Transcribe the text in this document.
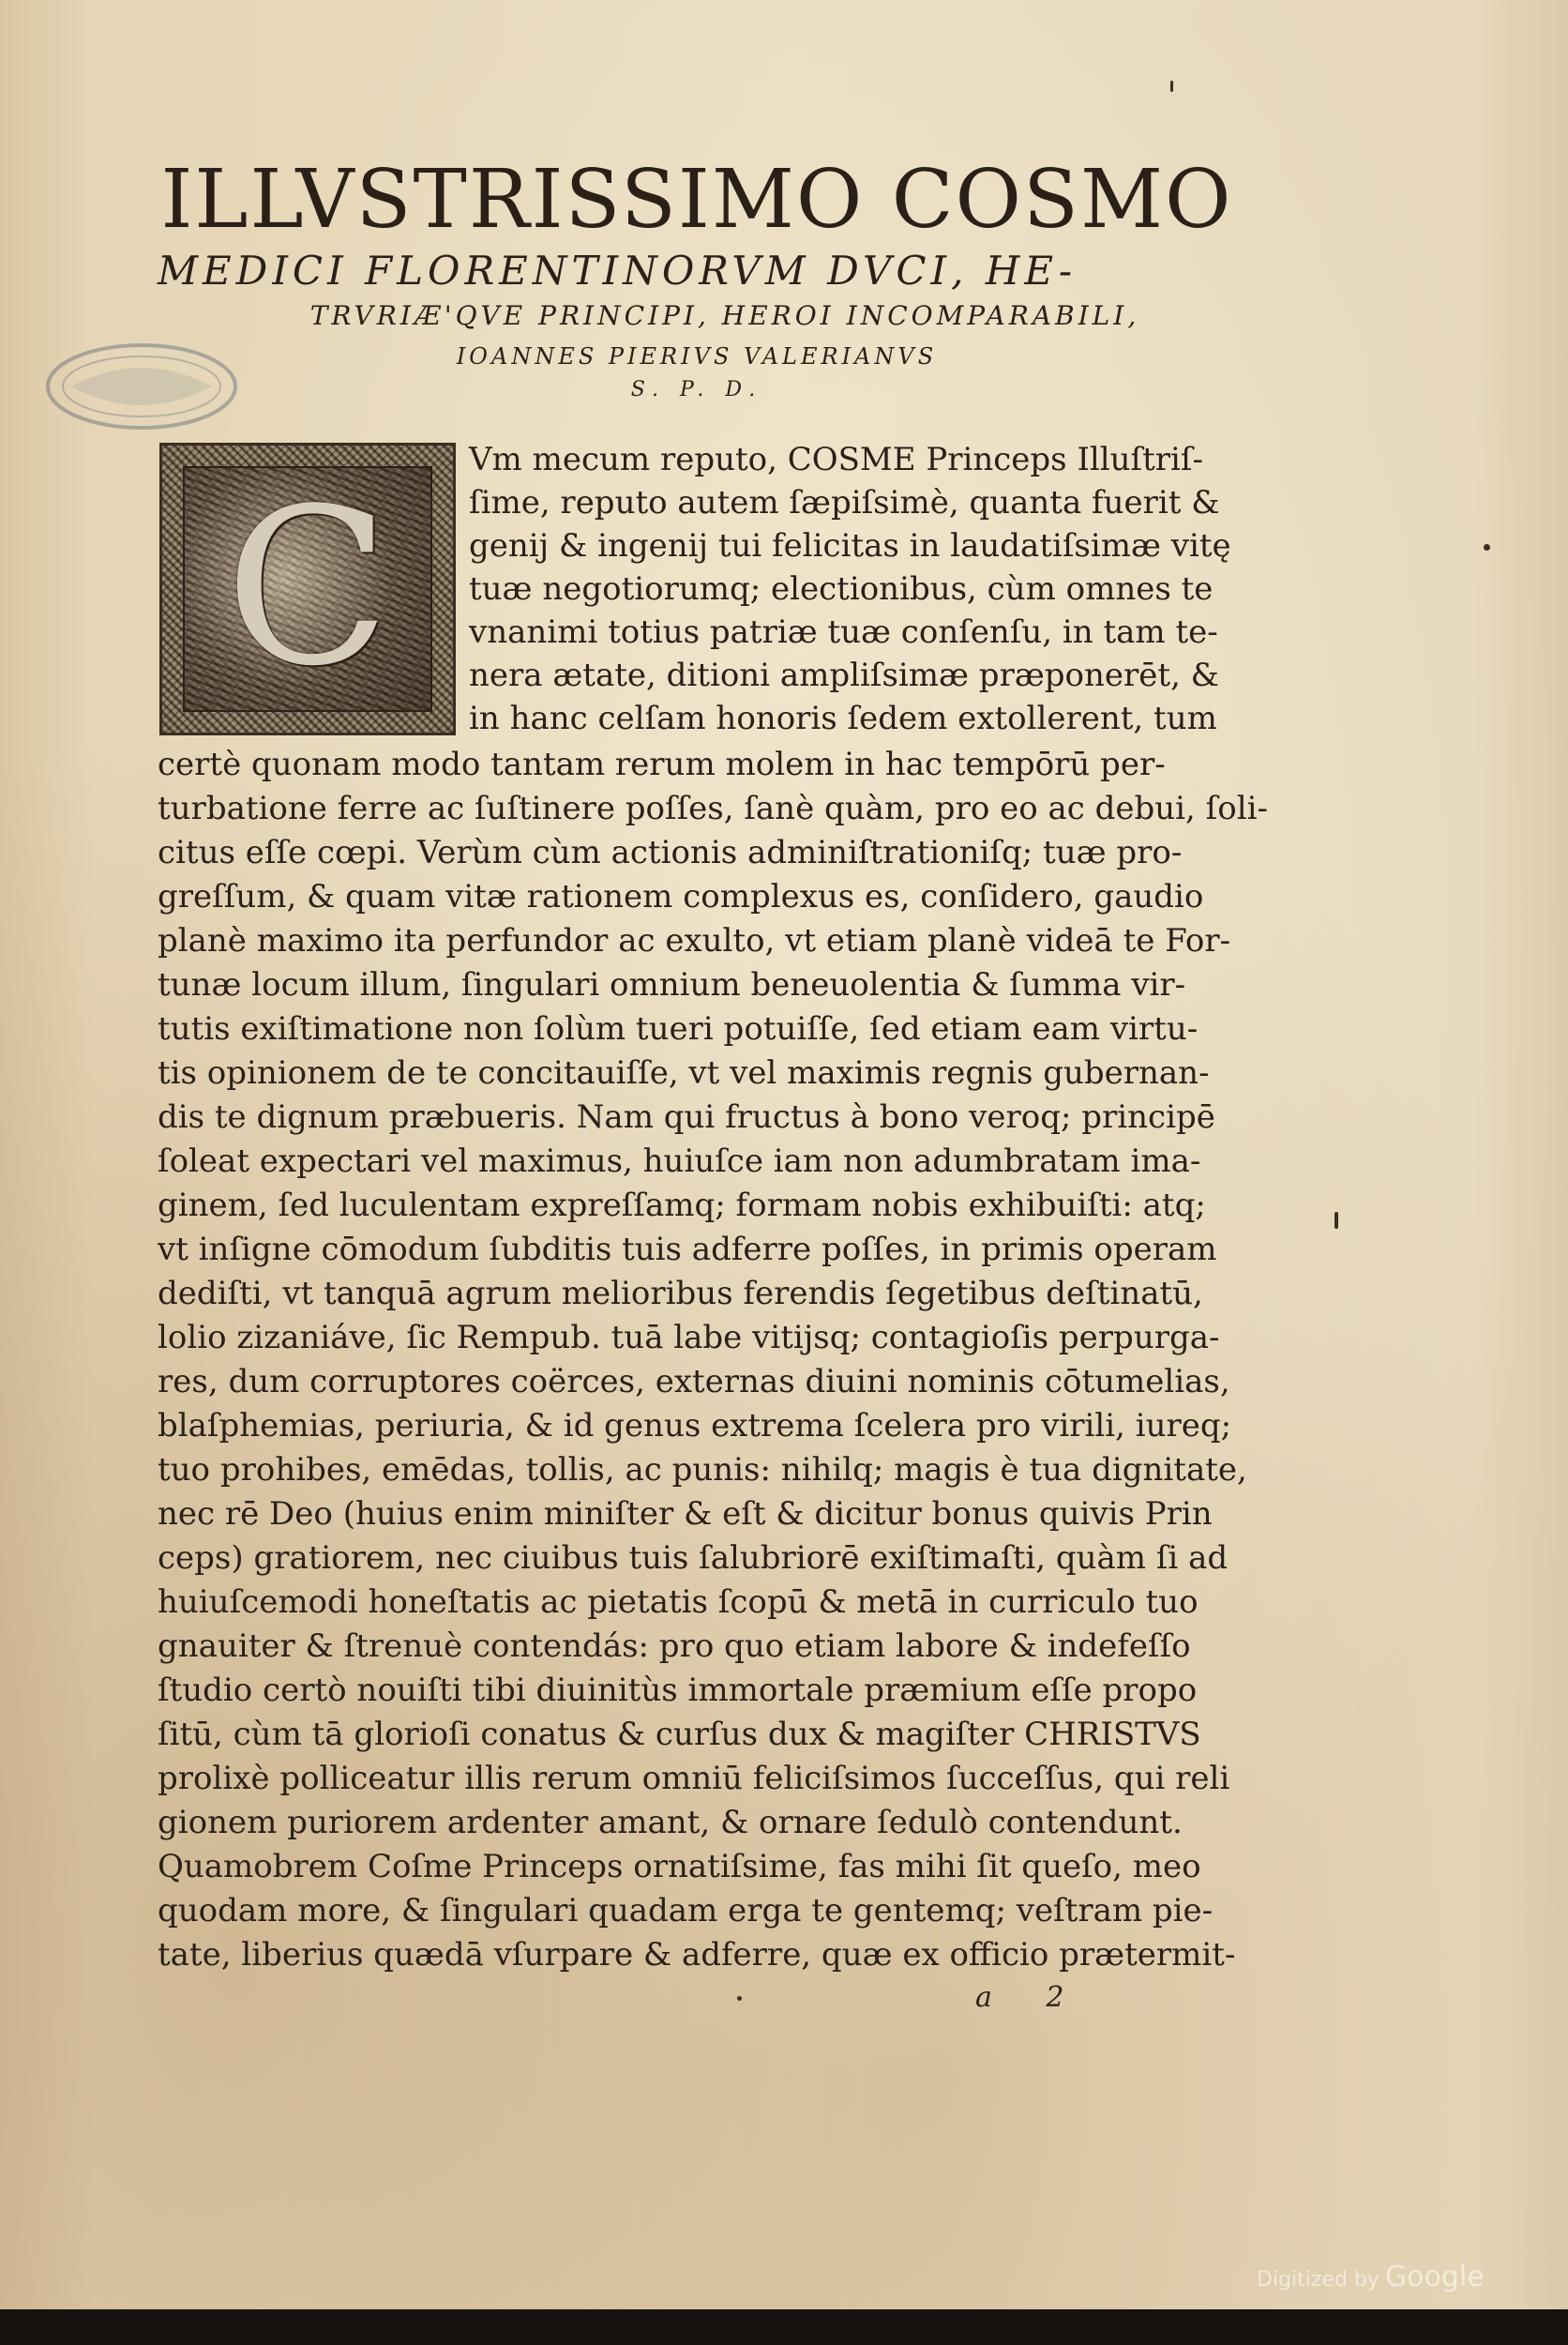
ILLVSTRISSIMO COSMO
MEDICI FLORENTINORVM DVCI, HE-
TRVRIÆ'QVE PRINCIPI, HEROI INCOMPARABILI,
IOANNES PIERIVS VALERIANVS
S. P. D.
C
Vm mecum reputo, COSME Princeps Illuſtriſ-
ſime, reputo autem ſæpiſsimè, quanta fuerit &
genij & ingenij tui felicitas in laudatiſsimæ vitę
tuæ negotiorumq; electionibus, cùm omnes te
vnanimi totius patriæ tuæ conſenſu, in tam te-
nera ætate, ditioni ampliſsimæ præponerēt, &
in hanc celſam honoris ſedem extollerent, tum
certè quonam modo tantam rerum molem in hac tempōrū per-
turbatione ferre ac ſuſtinere poſſes, ſanè quàm, pro eo ac debui, ſoli-
citus eſſe cœpi. Verùm cùm actionis adminiſtrationiſq; tuæ pro-
greſſum, & quam vitæ rationem complexus es, conſidero, gaudio
planè maximo ita perfundor ac exulto, vt etiam planè videā te For-
tunæ locum illum, ſingulari omnium beneuolentia & ſumma vir-
tutis exiſtimatione non ſolùm tueri potuiſſe, ſed etiam eam virtu-
tis opinionem de te concitauiſſe, vt vel maximis regnis gubernan-
dis te dignum præbueris. Nam qui fructus à bono veroq; principē
ſoleat expectari vel maximus, huiuſce iam non adumbratam ima-
ginem, ſed luculentam expreſſamq; formam nobis exhibuiſti: atq;
vt inſigne cōmodum ſubditis tuis adferre poſſes, in primis operam
dediſti, vt tanquā agrum melioribus ferendis ſegetibus deſtinatū,
lolio zizaniáve, ſic Rempub. tuā labe vitijsq; contagioſis perpurga-
res, dum corruptores coërces, externas diuini nominis cōtumelias,
blaſphemias, periuria, & id genus extrema ſcelera pro virili, iureq;
tuo prohibes, emēdas, tollis, ac punis: nihilq; magis è tua dignitate,
nec rē Deo (huius enim miniſter & eſt & dicitur bonus quivis Prin
ceps) gratiorem, nec ciuibus tuis ſalubriorē exiſtimaſti, quàm ſi ad
huiuſcemodi honeſtatis ac pietatis ſcopū & metā in curriculo tuo
gnauiter & ſtrenuè contendás: pro quo etiam labore & indefeſſo
ſtudio certò nouiſti tibi diuinitùs immortale præmium eſſe propo
ſitū, cùm tā glorioſi conatus & curſus dux & magiſter CHRISTVS
prolixè polliceatur illis rerum omniū feliciſsimos ſucceſſus, qui reli
gionem puriorem ardenter amant, & ornare ſedulò contendunt.
Quamobrem Coſme Princeps ornatiſsime, fas mihi ſit queſo, meo
quodam more, & ſingulari quadam erga te gentemq; veſtram pie-
tate, liberius quædā vſurpare & adferre, quæ ex officio prætermit-
a 2
Digitized by Google
